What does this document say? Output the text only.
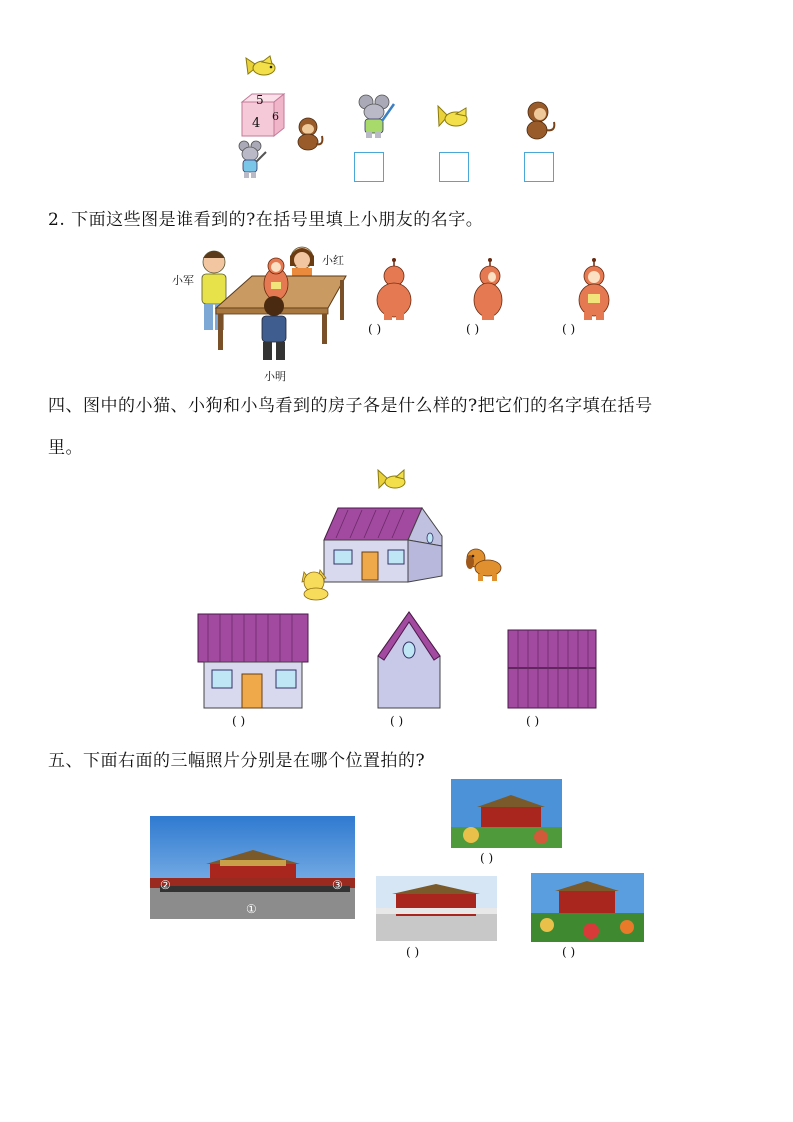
5
4 6
2. 下面这些图是谁看到的?在括号里填上小朋友的名字。
小军
小红
小明
( )	( )	( )
四、图中的小猫、小狗和小鸟看到的房子各是什么样的?把它们的名字填在括号
里。
( )	( )	( )
五、下面右面的三幅照片分别是在哪个位置拍的?
②	③
①
( )
( )	( )
